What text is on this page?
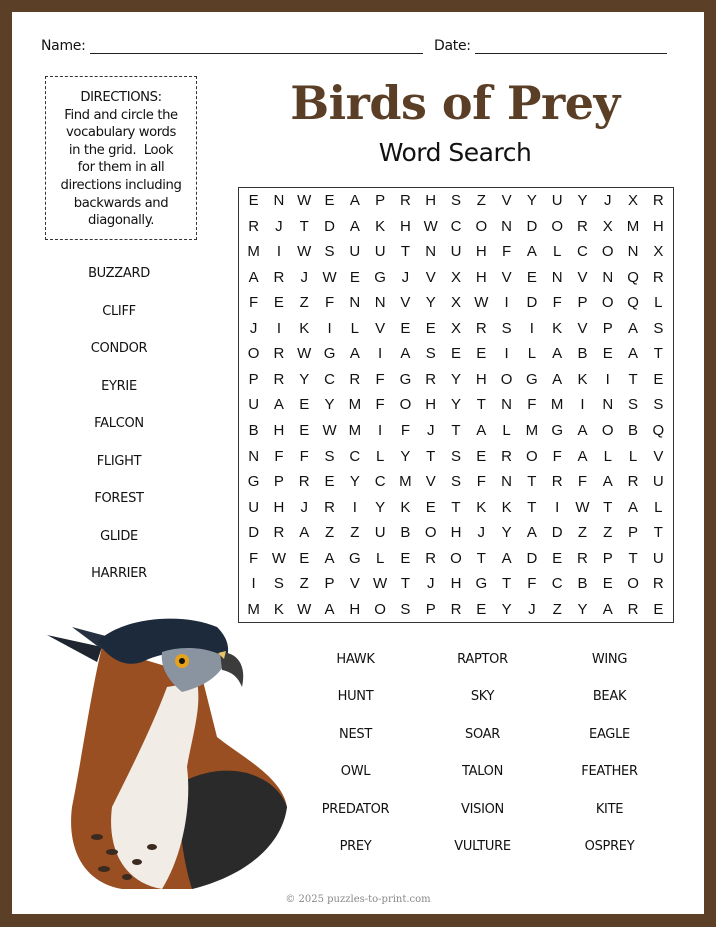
Name:	Date:
DIRECTIONS:
Find and circle the
vocabulary words
in the grid.  Look
for them in all
directions including
backwards and
diagonally.
Birds of Prey
Word Search
E N W E	A	P R H S	Z	V	Y U Y	J	X R
R	J	T	D A	K H W C O N D O R X M H
M	I	W S U U	T	N U H	F	A	L	C O N X
A R	J W E G	J	V	X H V	E N V N Q R
F	E	Z	F	N N V	Y	X W	I	D	F	P O Q	L
J	I	K	I	L	V	E	E	X R S	I	K	V	P	A	S
O R W G A	I	A	S	E	E	I	L	A	B	E	A	T
P R Y C R	F G R Y H O G A	K	I	T	E
U A	E	Y M F O H Y	T	N	F M	I	N S	S
B H E W M	I	F	J	T	A	L M G A O B Q
N	F	F	S C	L	Y	T	S	E R O F	A	L	L	V
G P R E	Y C M V	S	F	N	T	R	F	A R U
U H	J	R	I	Y	K	E	T	K	K	T	I	W T	A	L
D R A	Z	Z	U B O H	J	Y	A D	Z	Z	P	T
F W E	A G	L	E R O T	A D E R P	T	U
I	S	Z	P	V W T	J	H G T	F	C B	E O R
M K W A H O S	P R E	Y	J	Z	Y	A R E
BUZZARD
CLIFF
CONDOR
EYRIE
FALCON
FLIGHT
FOREST
GLIDE
HARRIER
HAWK	RAPTOR	WING
HUNT	SKY	BEAK
NEST	SOAR	EAGLE
OWL	TALON	FEATHER
PREDATOR	VISION	KITE
PREY	VULTURE	OSPREY
© 2025 puzzles-to-print.com
